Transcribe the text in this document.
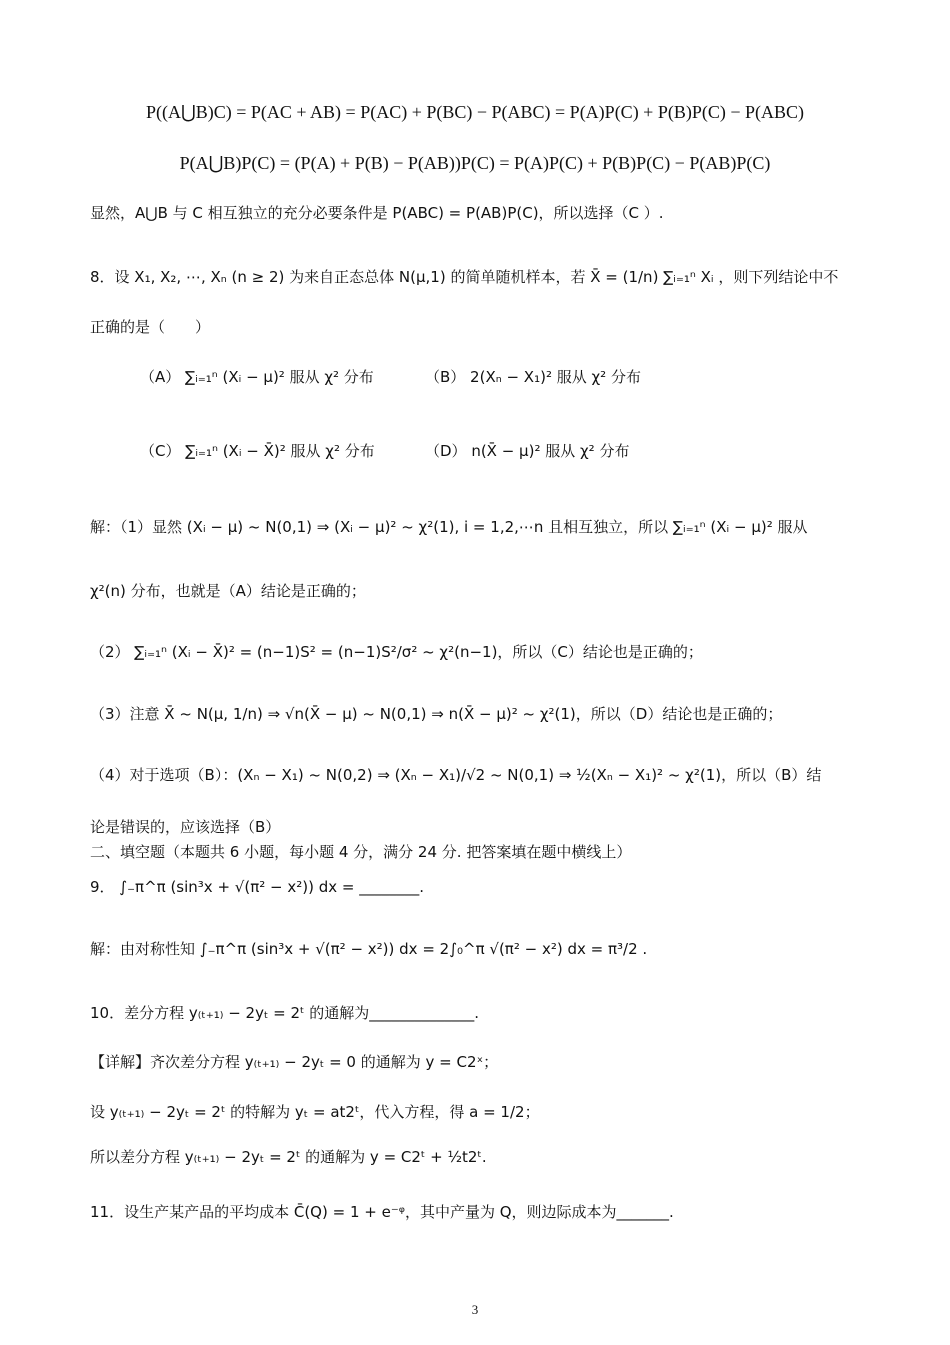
P((A⋃B)C) = P(AC + AB) = P(AC) + P(BC) − P(ABC) = P(A)P(C) + P(B)P(C) − P(ABC)
P(A⋃B)P(C) = (P(A) + P(B) − P(AB))P(C) = P(A)P(C) + P(B)P(C) − P(AB)P(C)
显然，A⋃B 与 C 相互独立的充分必要条件是 P(ABC) = P(AB)P(C)，所以选择（C ）.
8．设 X₁, X₂, ⋯, Xₙ (n ≥ 2) 为来自正态总体 N(μ,1) 的简单随机样本，若 X̄ = (1/n) ∑ᵢ₌₁ⁿ Xᵢ ，则下列结论中不
正确的是（　　）
（A） ∑ᵢ₌₁ⁿ (Xᵢ − μ)² 服从 χ² 分布	（B） 2(Xₙ − X₁)² 服从 χ² 分布
（C） ∑ᵢ₌₁ⁿ (Xᵢ − X̄)² 服从 χ² 分布	（D） n(X̄ − μ)² 服从 χ² 分布
解：（1）显然 (Xᵢ − μ) ~ N(0,1) ⇒ (Xᵢ − μ)² ~ χ²(1), i = 1,2,⋯n 且相互独立，所以 ∑ᵢ₌₁ⁿ (Xᵢ − μ)² 服从
χ²(n) 分布，也就是（A）结论是正确的；
（2） ∑ᵢ₌₁ⁿ (Xᵢ − X̄)² = (n−1)S² = (n−1)S²/σ² ~ χ²(n−1)，所以（C）结论也是正确的；
（3）注意 X̄ ~ N(μ, 1/n) ⇒ √n(X̄ − μ) ~ N(0,1) ⇒ n(X̄ − μ)² ~ χ²(1)，所以（D）结论也是正确的；
（4）对于选项（B）：(Xₙ − X₁) ~ N(0,2) ⇒ (Xₙ − X₁)/√2 ~ N(0,1) ⇒ ½(Xₙ − X₁)² ~ χ²(1)，所以（B）结
论是错误的，应该选择（B）
二、填空题（本题共 6 小题，每小题 4 分，满分 24 分. 把答案填在题中横线上）
9． ∫₋π^π (sin³x + √(π² − x²)) dx = ________.
解：由对称性知 ∫₋π^π (sin³x + √(π² − x²)) dx = 2∫₀^π √(π² − x²) dx = π³/2 .
10．差分方程 y₍ₜ₊₁₎ − 2yₜ = 2ᵗ 的通解为______________.
【详解】齐次差分方程 y₍ₜ₊₁₎ − 2yₜ = 0 的通解为 y = C2ˣ；
设 y₍ₜ₊₁₎ − 2yₜ = 2ᵗ 的特解为 yₜ = at2ᵗ，代入方程，得 a = 1/2；
所以差分方程 y₍ₜ₊₁₎ − 2yₜ = 2ᵗ 的通解为 y = C2ᵗ + ½t2ᵗ.
11．设生产某产品的平均成本 C̄(Q) = 1 + e⁻ᵠ，其中产量为 Q，则边际成本为_______.
3
